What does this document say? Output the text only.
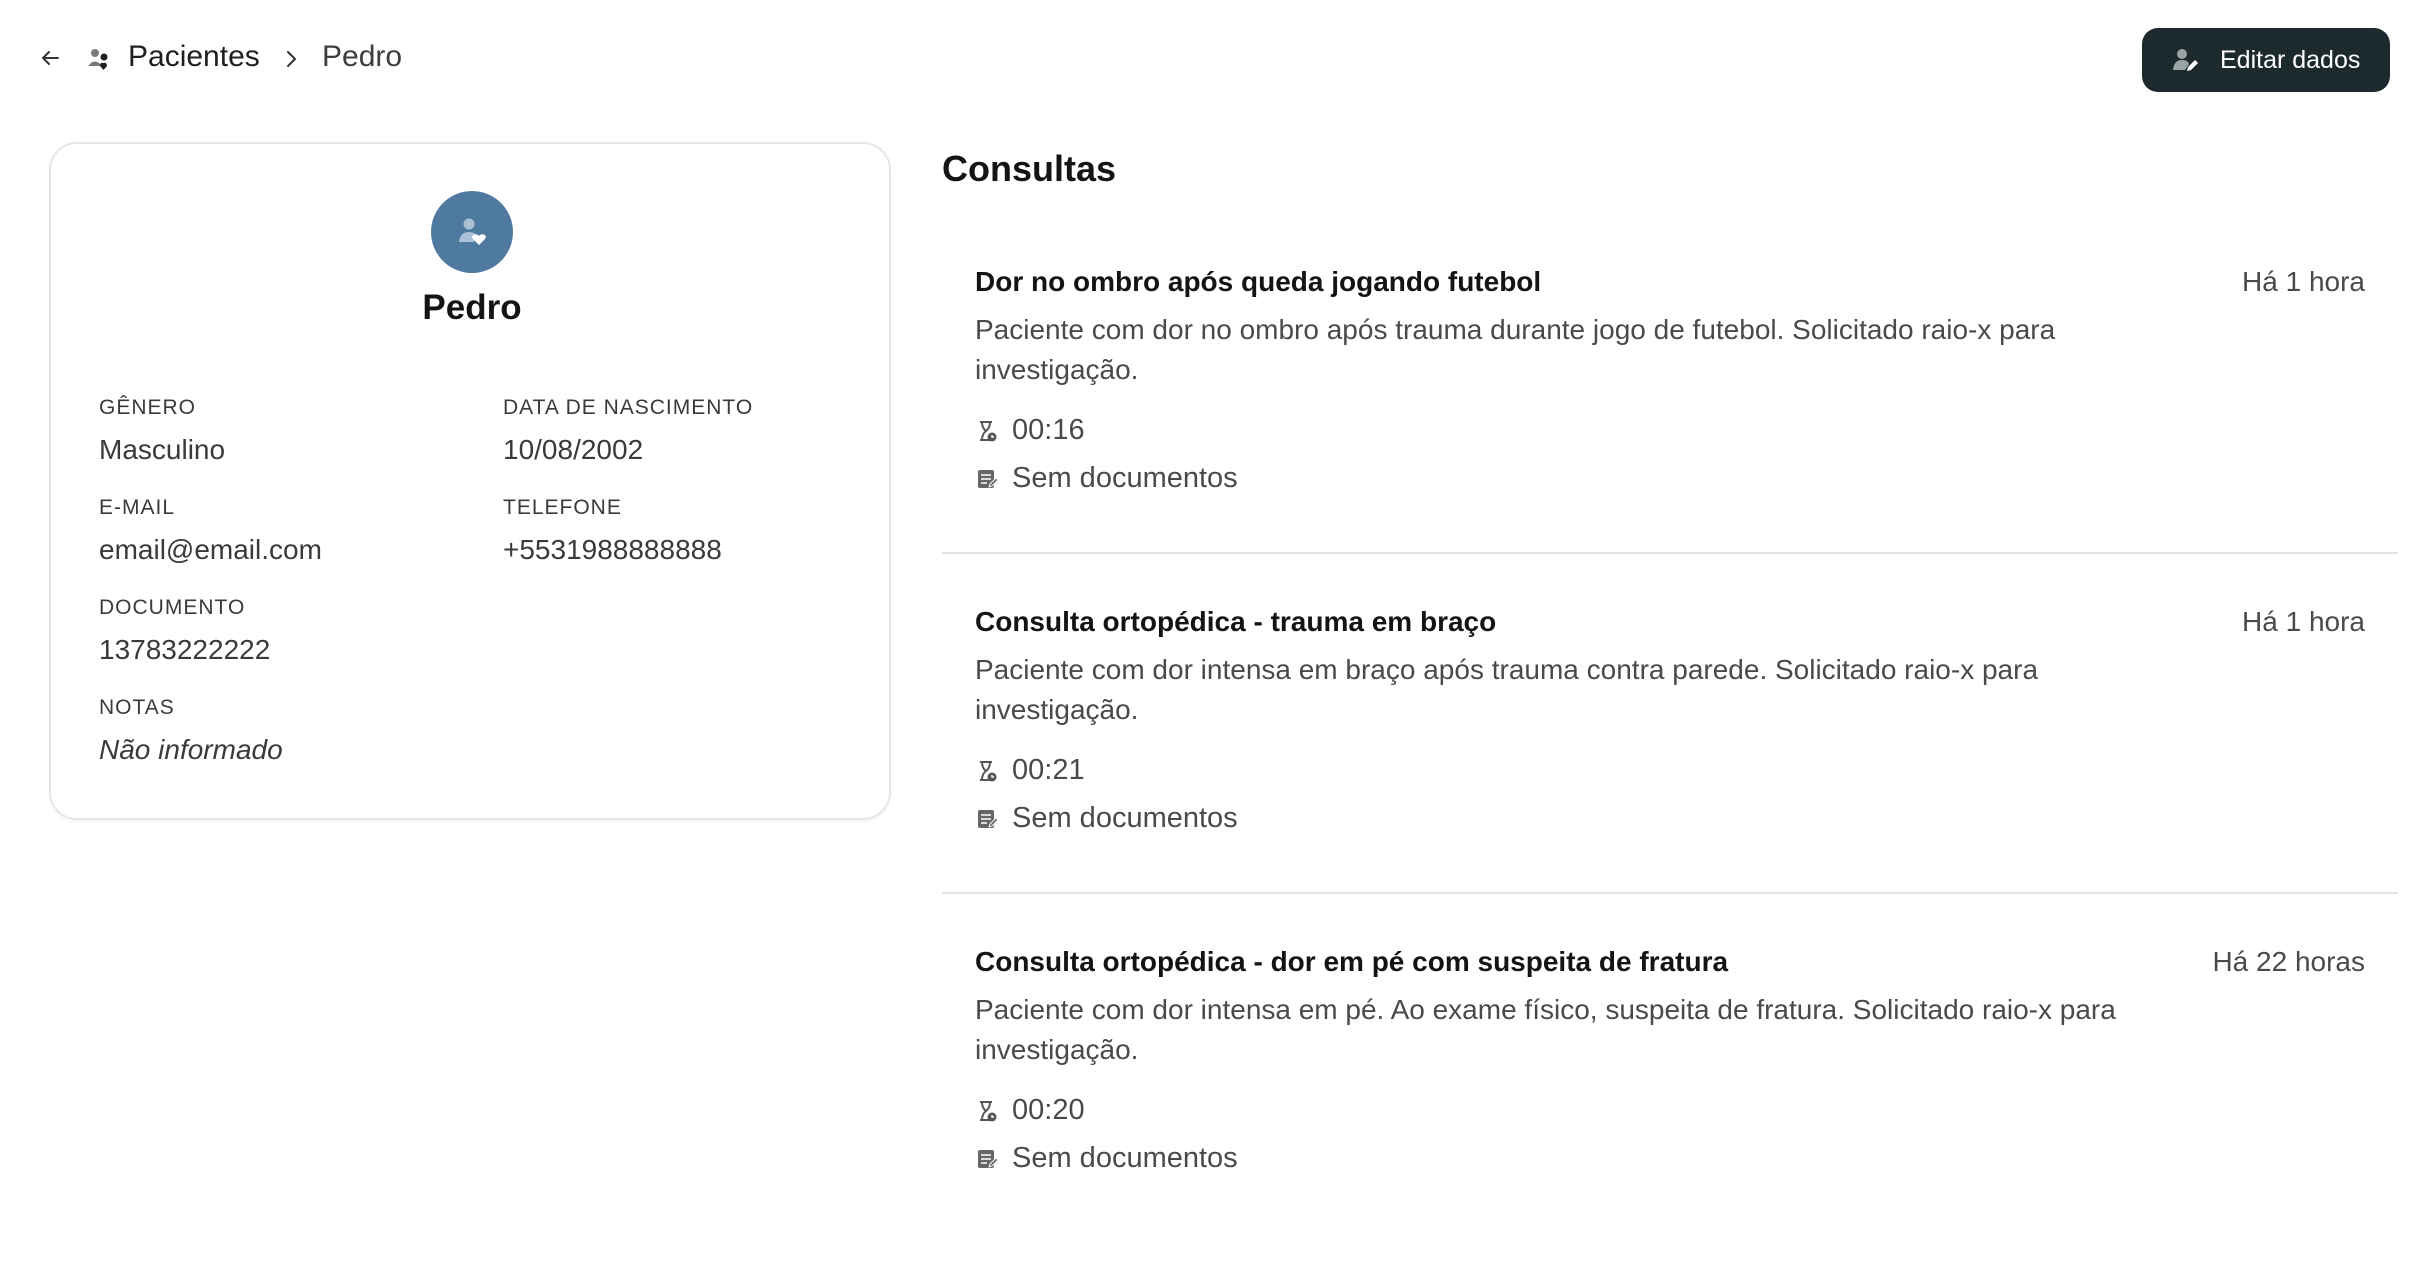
Pacientes Pedro	Editar dados
Pedro
GÊNERO
Masculino
DATA DE NASCIMENTO
10/08/2002
E-MAIL
email@email.com
TELEFONE
+5531988888888
DOCUMENTO
13783222222
NOTAS
Não informado
Consultas
Dor no ombro após queda jogando futebol	Há 1 hora
Paciente com dor no ombro após trauma durante jogo de futebol. Solicitado raio-x para investigação.
00:16
Sem documentos
Consulta ortopédica - trauma em braço	Há 1 hora
Paciente com dor intensa em braço após trauma contra parede. Solicitado raio-x para investigação.
00:21
Sem documentos
Consulta ortopédica - dor em pé com suspeita de fratura	Há 22 horas
Paciente com dor intensa em pé. Ao exame físico, suspeita de fratura. Solicitado raio-x para investigação.
00:20
Sem documentos
